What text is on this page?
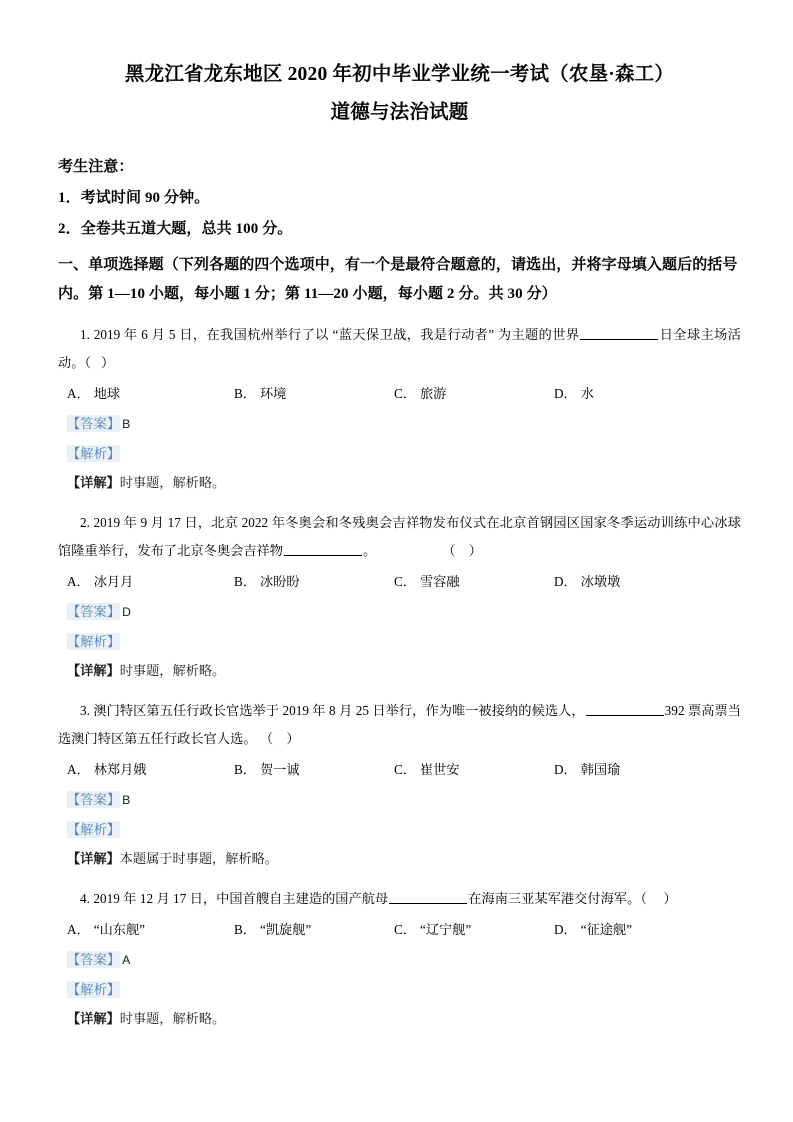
黑龙江省龙东地区 2020 年初中毕业学业统一考试（农垦·森工）
道德与法治试题
考生注意：
1．考试时间 90 分钟。
2．全卷共五道大题，总共 100 分。
一、单项选择题（下列各题的四个选项中，有一个是最符合题意的，请选出，并将字母填入题后的括号内。第 1—10 小题，每小题 1 分；第 11—20 小题，每小题 2 分。共 30 分）
1. 2019 年 6 月 5 日，在我国杭州举行了以 “蓝天保卫战，我是行动者” 为主题的世界	日全球主场活动。（ ）
A． 地球	B． 环境	C． 旅游	D． 水
【答案】 B
【解析】
【详解】时事题，解析略。
2. 2019 年 9 月 17 日，北京 2022 年冬奥会和冬残奥会吉祥物发布仪式在北京首钢园区国家冬季运动训练中心冰球馆隆重举行，发布了北京冬奥会吉祥物	。	（　）
A． 冰月月	B． 冰盼盼	C． 雪容融	D． 冰墩墩
【答案】 D
【解析】
【详解】时事题，解析略。
3. 澳门特区第五任行政长官选举于 2019 年 8 月 25 日举行，作为唯一被接纳的候选人，	392 票高票当选澳门特区第五任行政长官人选。 （ ）
A． 林郑月娥	B． 贺一诚	C． 崔世安	D． 韩国瑜
【答案】 B
【解析】
【详解】本题属于时事题，解析略。
4. 2019 年 12 月 17 日，中国首艘自主建造的国产航母	在海南三亚某军港交付海军。（ ）
A． “山东舰”	B． “凯旋舰”	C． “辽宁舰”	D． “征途舰”
【答案】 A
【解析】
【详解】时事题，解析略。
